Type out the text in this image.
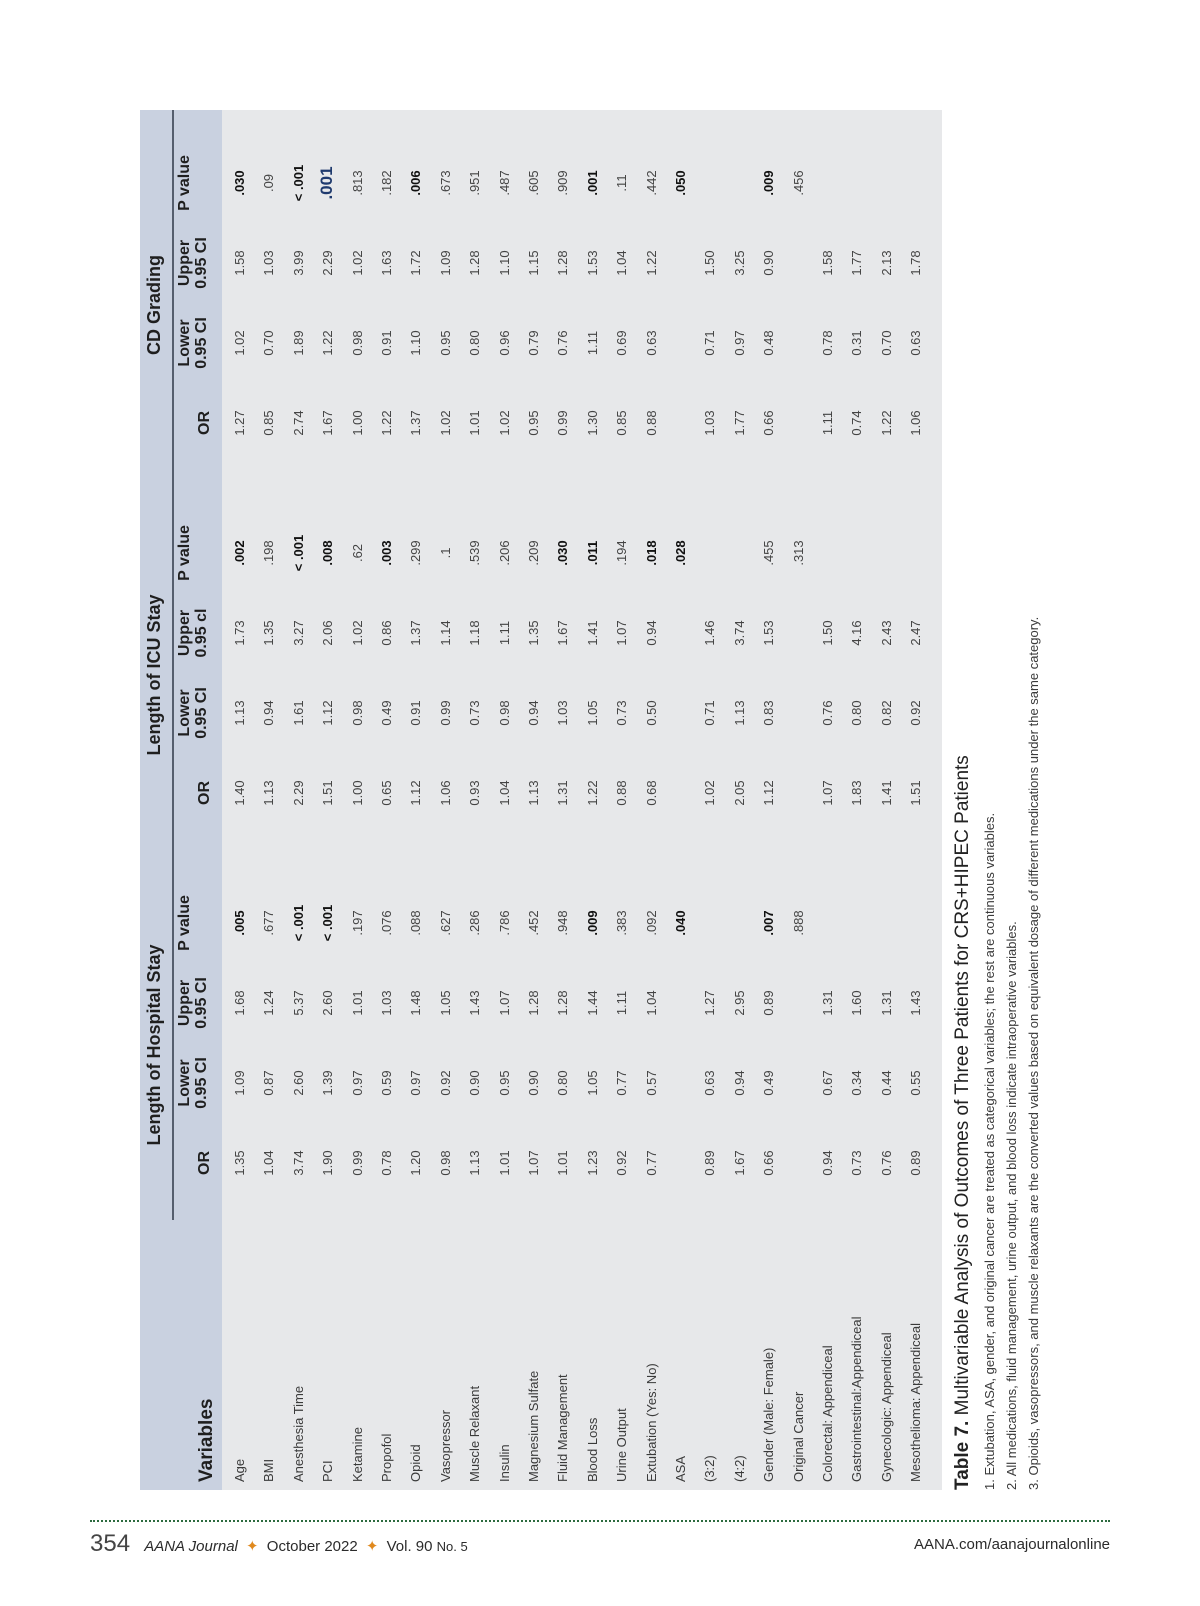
Variables
Length of Hospital Stay
OR
Lower 0.95 CI
Upper 0.95 CI
P value
Length of ICU Stay
OR
Lower 0.95 CI
Upper 0.95 cl
P value
CD Grading
OR
Lower 0.95 CI
Upper 0.95 CI
P value
Age
1.35
1.09
1.68
.005
1.40
1.13
1.73
.002
1.27
1.02
1.58
.030
BMI
1.04
0.87
1.24
.677
1.13
0.94
1.35
.198
0.85
0.70
1.03
.09
Anesthesia Time
3.74
2.60
5.37
< .001
2.29
1.61
3.27
< .001
2.74
1.89
3.99
< .001
PCI
1.90
1.39
2.60
< .001
1.51
1.12
2.06
.008
1.67
1.22
2.29
.001
Ketamine
0.99
0.97
1.01
.197
1.00
0.98
1.02
.62
1.00
0.98
1.02
.813
Propofol
0.78
0.59
1.03
.076
0.65
0.49
0.86
.003
1.22
0.91
1.63
.182
Opioid
1.20
0.97
1.48
.088
1.12
0.91
1.37
.299
1.37
1.10
1.72
.006
Vasopressor
0.98
0.92
1.05
.627
1.06
0.99
1.14
.1
1.02
0.95
1.09
.673
Muscle Relaxant
1.13
0.90
1.43
.286
0.93
0.73
1.18
.539
1.01
0.80
1.28
.951
Insulin
1.01
0.95
1.07
.786
1.04
0.98
1.11
.206
1.02
0.96
1.10
.487
Magnesium Sulfate
1.07
0.90
1.28
.452
1.13
0.94
1.35
.209
0.95
0.79
1.15
.605
Fluid Management
1.01
0.80
1.28
.948
1.31
1.03
1.67
.030
0.99
0.76
1.28
.909
Blood Loss
1.23
1.05
1.44
.009
1.22
1.05
1.41
.011
1.30
1.11
1.53
.001
Urine Output
0.92
0.77
1.11
.383
0.88
0.73
1.07
.194
0.85
0.69
1.04
.11
Extubation (Yes: No)
0.77
0.57
1.04
.092
0.68
0.50
0.94
.018
0.88
0.63
1.22
.442
ASA
.040
.028
.050
(3:2)
0.89
0.63
1.27
1.02
0.71
1.46
1.03
0.71
1.50
(4:2)
1.67
0.94
2.95
2.05
1.13
3.74
1.77
0.97
3.25
Gender (Male: Female)
0.66
0.49
0.89
.007
1.12
0.83
1.53
.455
0.66
0.48
0.90
.009
Original Cancer
.888
.313
.456
Colorectal: Appendiceal
0.94
0.67
1.31
1.07
0.76
1.50
1.11
0.78
1.58
Gastrointestinal:Appendiceal
0.73
0.34
1.60
1.83
0.80
4.16
0.74
0.31
1.77
Gynecologic: Appendiceal
0.76
0.44
1.31
1.41
0.82
2.43
1.22
0.70
2.13
Mesothelioma: Appendiceal
0.89
0.55
1.43
1.51
0.92
2.47
1.06
0.63
1.78
Table 7. Multivariable Analysis of Outcomes of Three Patients for CRS+HIPEC Patients 1. Extubation, ASA, gender, and original cancer are treated as categorical variables; the rest are continuous variables. 2. All medications, fluid management, urine output, and blood loss indicate intraoperative variables. 3. Opioids, vasopressors, and muscle relaxants are the converted values based on equivalent dosage of different medications under the same category.
354 AANA Journal ✦ October 2022 ✦ Vol. 90 No. 5	AANA.com/aanajournalonline
